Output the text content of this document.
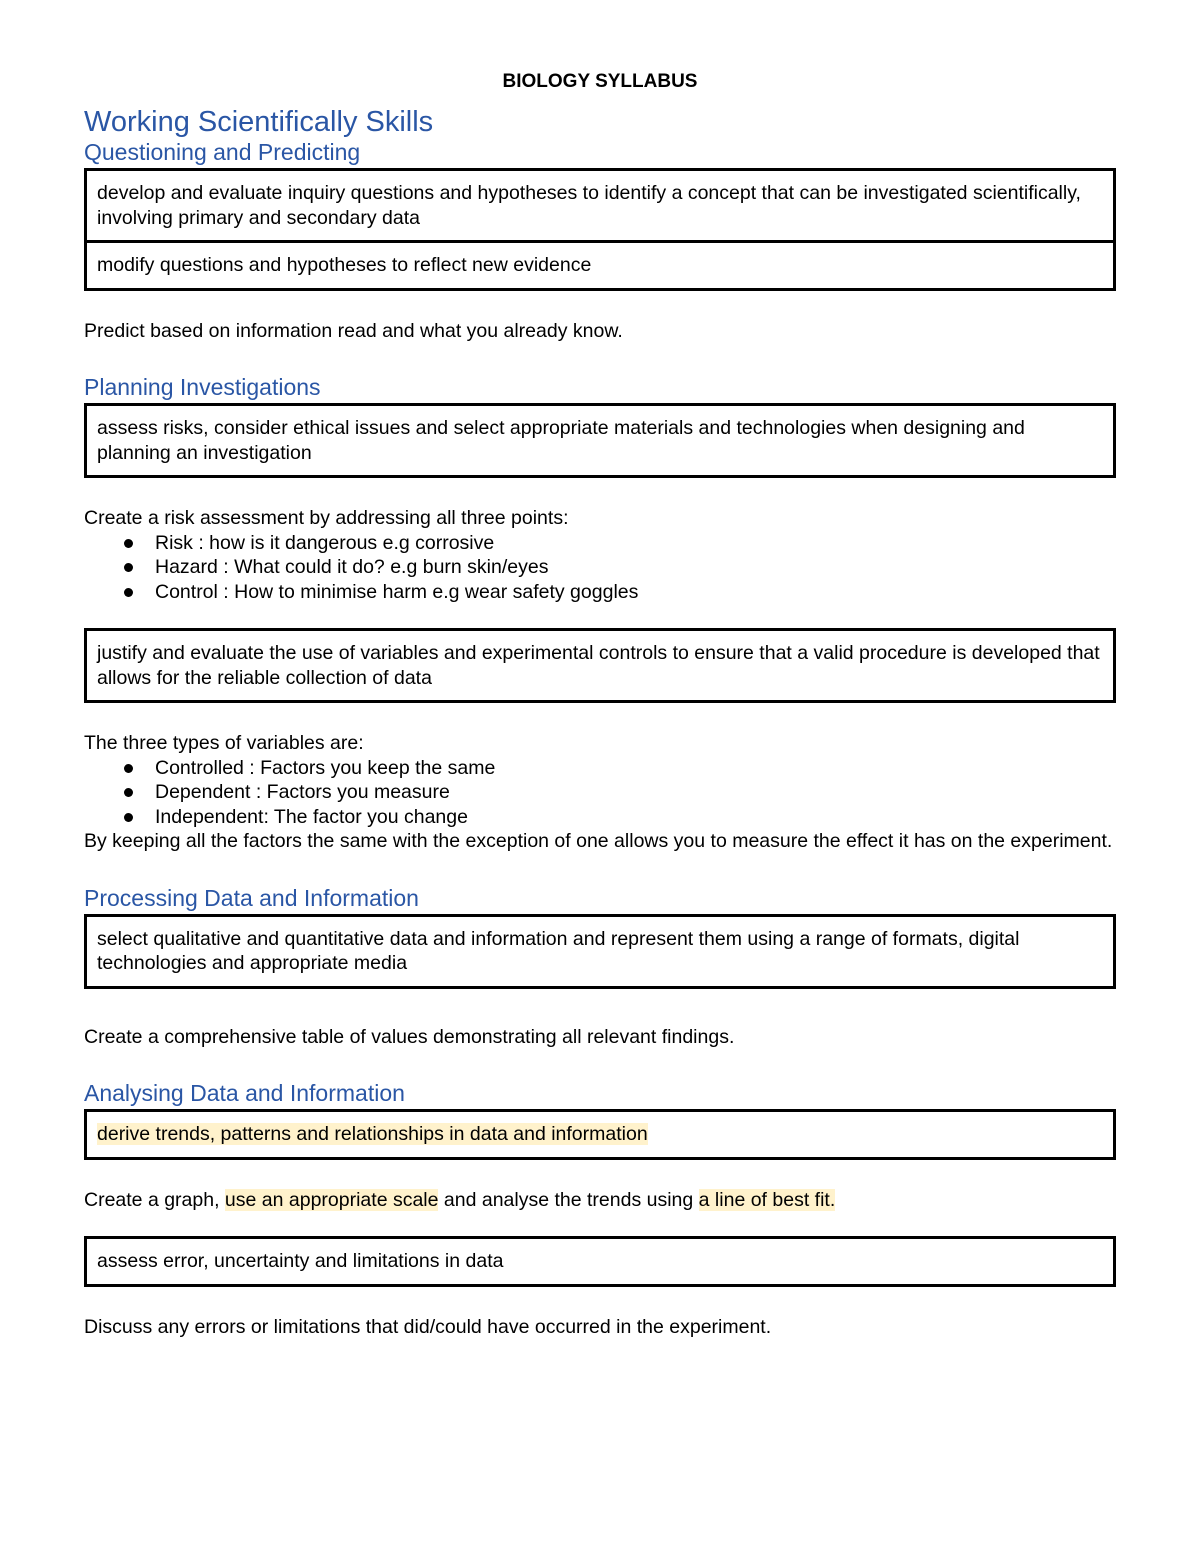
BIOLOGY SYLLABUS
Working Scientifically Skills
Questioning and Predicting
develop and evaluate inquiry questions and hypotheses to identify a concept that can be investigated scientifically, involving primary and secondary data
modify questions and hypotheses to reflect new evidence

Predict based on information read and what you already know.

Planning Investigations
assess risks, consider ethical issues and select appropriate materials and technologies when designing and planning an investigation

Create a risk assessment by addressing all three points:

Risk : how is it dangerous e.g corrosive
Hazard : What could it do? e.g burn skin/eyes
Control : How to minimise harm e.g wear safety goggles
justify and evaluate the use of variables and experimental controls to ensure that a valid procedure is developed that allows for the reliable collection of data

The three types of variables are:

Controlled : Factors you keep the same
Dependent : Factors you measure
Independent: The factor you change

By keeping all the factors the same with the exception of one allows you to measure the effect it has on the experiment.

Processing Data and Information
select qualitative and quantitative data and information and represent them using a range of formats, digital technologies and appropriate media

Create a comprehensive table of values demonstrating all relevant findings.

Analysing Data and Information
derive trends, patterns and relationships in data and information

Create a graph, use an appropriate scale and analyse the trends using a line of best fit.

assess error, uncertainty and limitations in data

Discuss any errors or limitations that did/could have occurred in the experiment.
